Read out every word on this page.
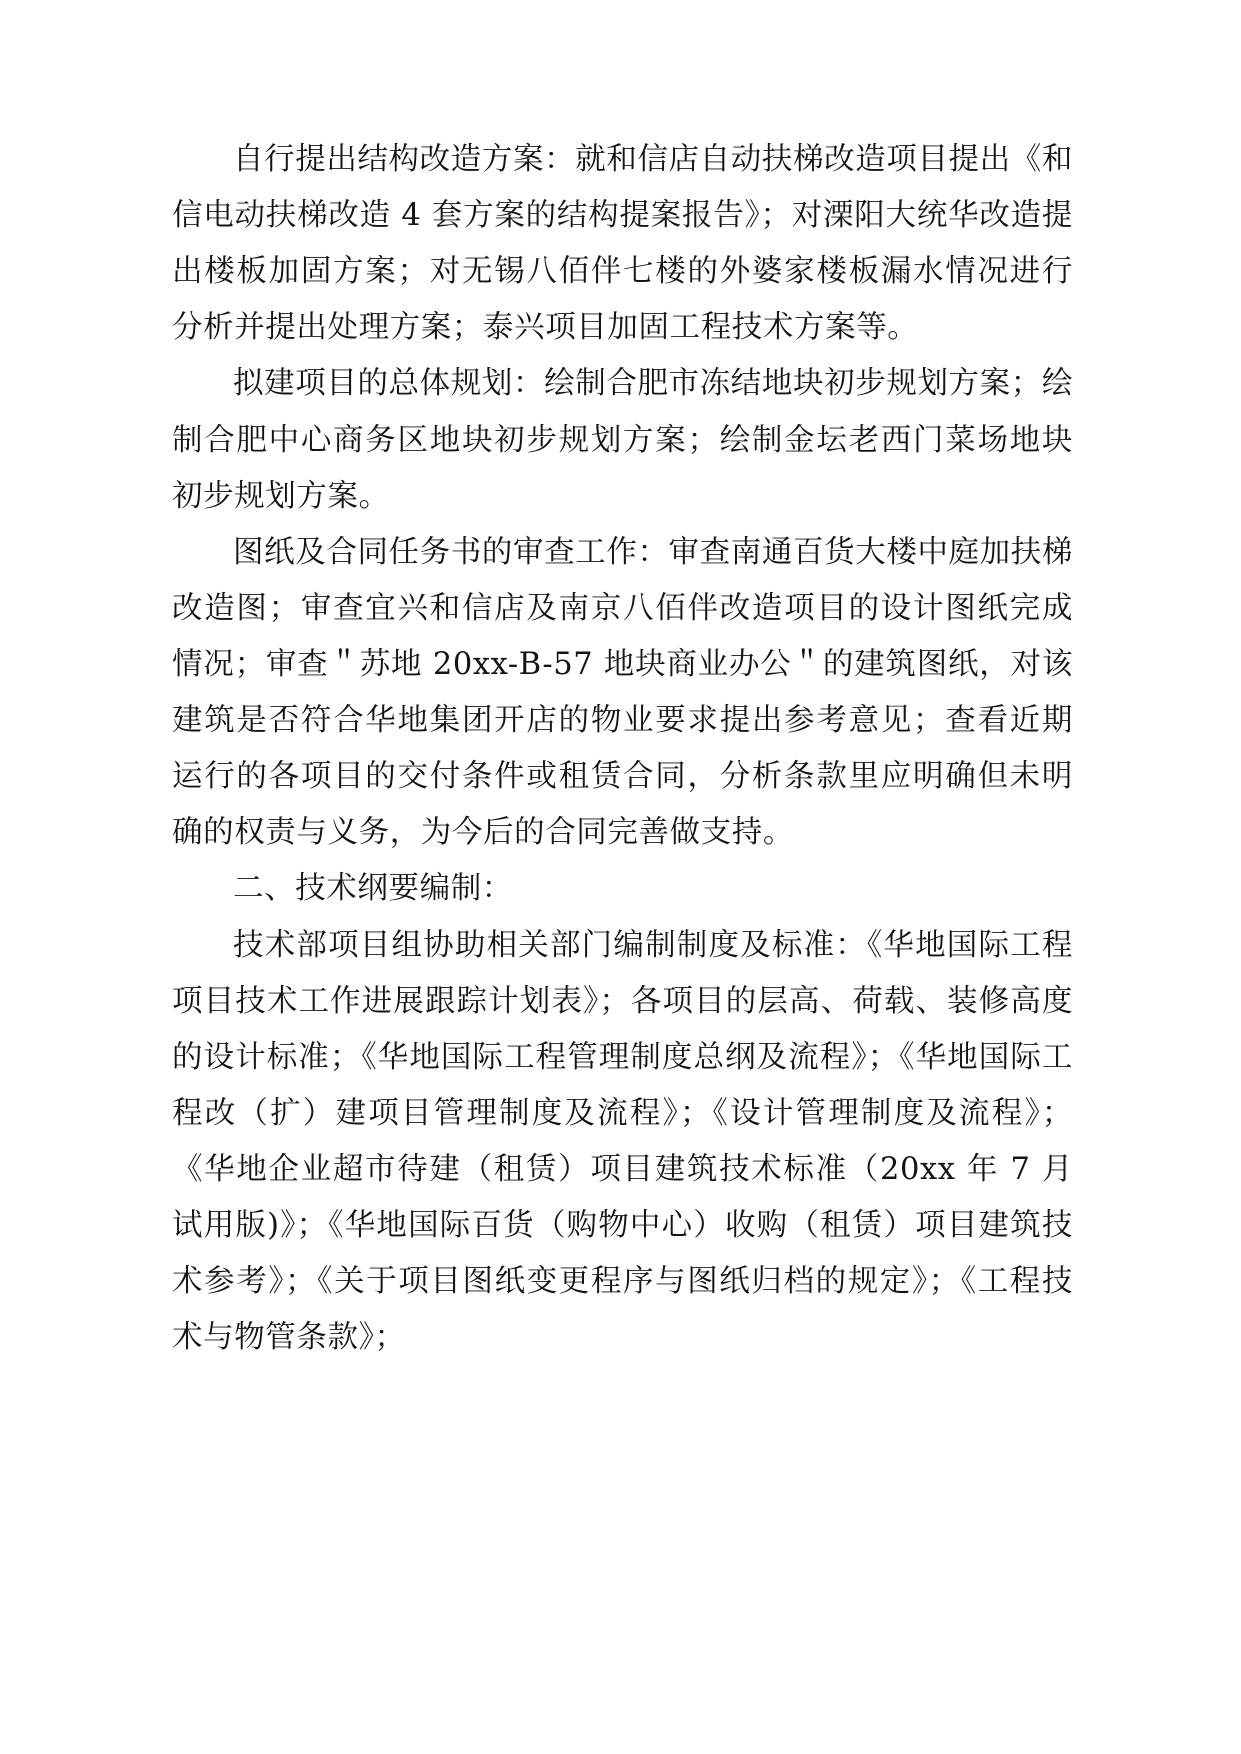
自行提出结构改造方案：就和信店自动扶梯改造项目提出《和信电动扶梯改造 4 套方案的结构提案报告》；对溧阳大统华改造提出楼板加固方案；对无锡八佰伴七楼的外婆家楼板漏水情况进行分析并提出处理方案；泰兴项目加固工程技术方案等。

拟建项目的总体规划：绘制合肥市冻结地块初步规划方案；绘制合肥中心商务区地块初步规划方案；绘制金坛老西门菜场地块初步规划方案。

图纸及合同任务书的审查工作：审查南通百货大楼中庭加扶梯改造图；审查宜兴和信店及南京八佰伴改造项目的设计图纸完成情况；审查＂苏地 20xx-B-57 地块商业办公＂的建筑图纸，对该建筑是否符合华地集团开店的物业要求提出参考意见；查看近期运行的各项目的交付条件或租赁合同，分析条款里应明确但未明确的权责与义务，为今后的合同完善做支持。

二、技术纲要编制：

技术部项目组协助相关部门编制制度及标准：《华地国际工程项目技术工作进展跟踪计划表》；各项目的层高、荷载、装修高度的设计标准；《华地国际工程管理制度总纲及流程》；《华地国际工程改（扩）建项目管理制度及流程》；《设计管理制度及流程》；《华地企业超市待建（租赁）项目建筑技术标准（20xx 年 7 月试用版)》；《华地国际百货（购物中心）收购（租赁）项目建筑技术参考》；《关于项目图纸变更程序与图纸归档的规定》；《工程技术与物管条款》；
